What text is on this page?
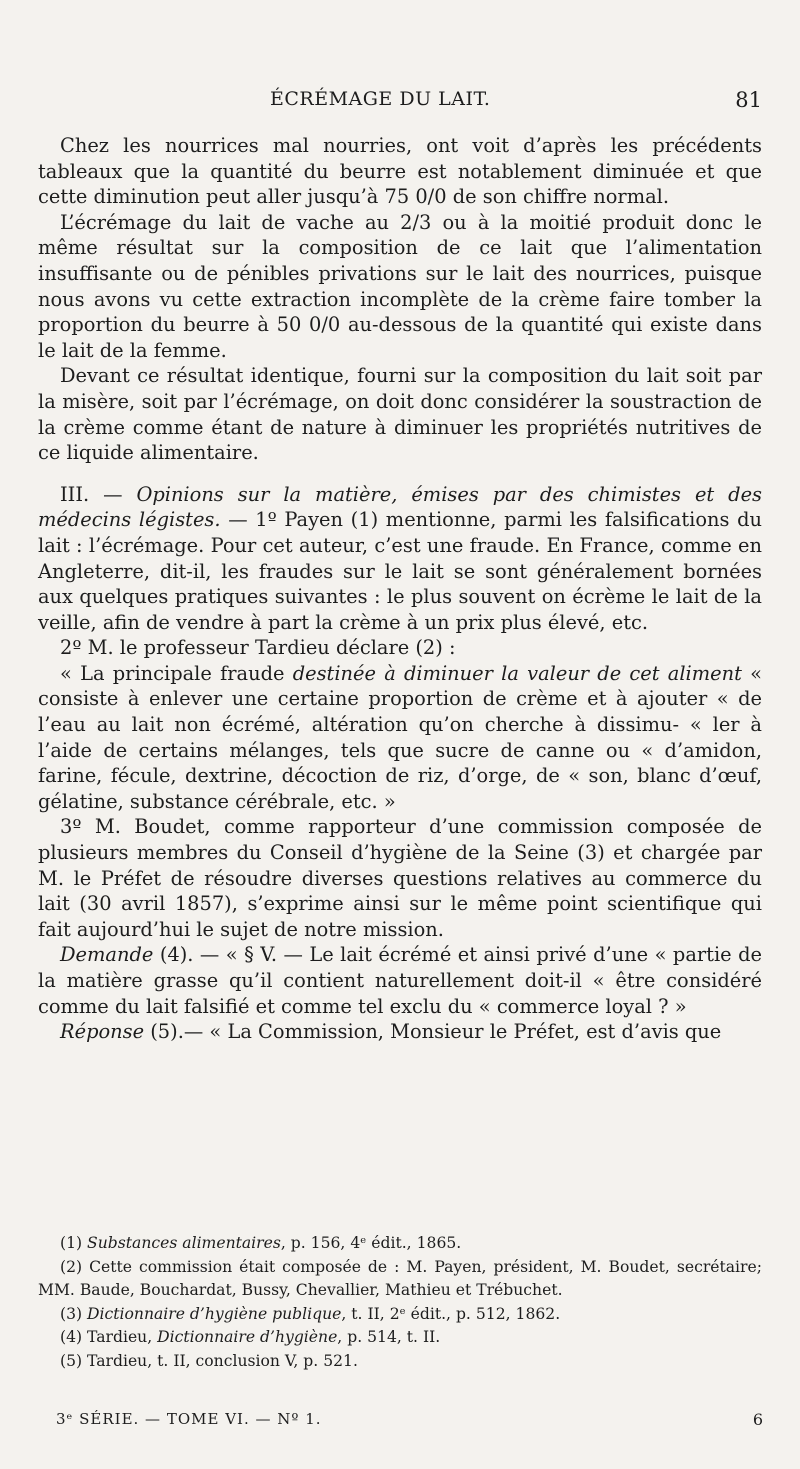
ÉCRÉMAGE DU LAIT.	81

Chez les nourrices mal nourries, ont voit d’après les précédents tableaux que la quantité du beurre est notablement diminuée et que cette diminution peut aller jusqu’à 75 0/0 de son chiffre normal.

L’écrémage du lait de vache au 2/3 ou à la moitié produit donc le même résultat sur la composition de ce lait que l’alimentation insuffisante ou de pénibles privations sur le lait des nourrices, puisque nous avons vu cette extraction incomplète de la crème faire tomber la proportion du beurre à 50 0/0 au-dessous de la quantité qui existe dans le lait de la femme.

Devant ce résultat identique, fourni sur la composition du lait soit par la misère, soit par l’écrémage, on doit donc considérer la soustraction de la crème comme étant de nature à diminuer les propriétés nutritives de ce liquide alimentaire.

III. — Opinions sur la matière, émises par des chimistes et des médecins légistes. — 1º Payen (1) mentionne, parmi les falsifications du lait : l’écrémage. Pour cet auteur, c’est une fraude. En France, comme en Angleterre, dit-il, les fraudes sur le lait se sont généralement bornées aux quelques pratiques suivantes : le plus souvent on écrème le lait de la veille, afin de vendre à part la crème à un prix plus élevé, etc.

2º M. le professeur Tardieu déclare (2) :

« La principale fraude destinée à diminuer la valeur de cet aliment « consiste à enlever une certaine proportion de crème et à ajouter « de l’eau au lait non écrémé, altération qu’on cherche à dissimu- « ler à l’aide de certains mélanges, tels que sucre de canne ou « d’amidon, farine, fécule, dextrine, décoction de riz, d’orge, de « son, blanc d’œuf, gélatine, substance cérébrale, etc. »

3º M. Boudet, comme rapporteur d’une commission composée de plusieurs membres du Conseil d’hygiène de la Seine (3) et chargée par M. le Préfet de résoudre diverses questions relatives au commerce du lait (30 avril 1857), s’exprime ainsi sur le même point scientifique qui fait aujourd’hui le sujet de notre mission.

Demande (4). — « § V. — Le lait écrémé et ainsi privé d’une « partie de la matière grasse qu’il contient naturellement doit-il « être considéré comme du lait falsifié et comme tel exclu du « commerce loyal ? »

Réponse (5).— « La Commission, Monsieur le Préfet, est d’avis que

(1) Substances alimentaires, p. 156, 4ᵉ édit., 1865.

(2) Cette commission était composée de : M. Payen, président, M. Boudet, secrétaire; MM. Baude, Bouchardat, Bussy, Chevallier, Mathieu et Trébuchet.

(3) Dictionnaire d’hygiène publique, t. II, 2ᵉ édit., p. 512, 1862.

(4) Tardieu, Dictionnaire d’hygiène, p. 514, t. II.

(5) Tardieu, t. II, conclusion V, p. 521.

3ᵉ SÉRIE. — TOME VI. — Nº 1.	6
